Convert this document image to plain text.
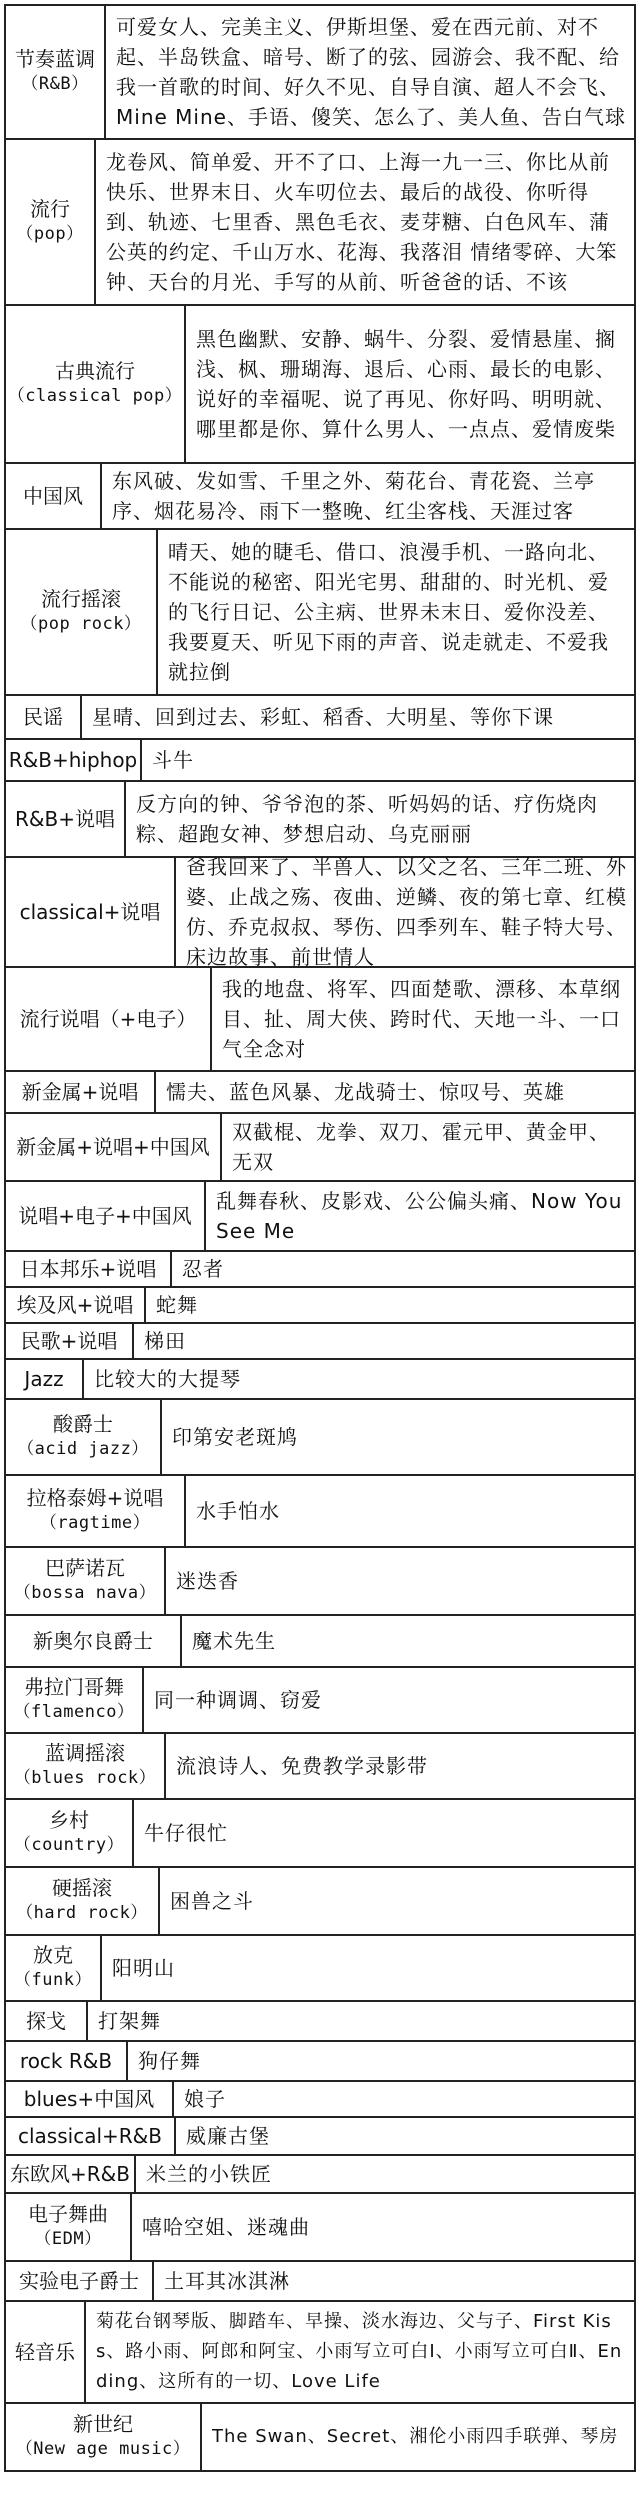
节奏蓝调
（R&B）
可爱女人、完美主义、伊斯坦堡、爱在西元前、对不起、半岛铁盒、暗号、断了的弦、园游会、我不配、给我一首歌的时间、好久不见、自导自演、超人不会飞、Mine Mine、手语、傻笑、怎么了、美人鱼、告白气球
流行
（pop）
龙卷风、简单爱、开不了口、上海一九一三、你比从前快乐、世界末日、火车叨位去、最后的战役、你听得到、轨迹、七里香、黑色毛衣、麦芽糖、白色风车、蒲公英的约定、千山万水、花海、我落泪 情绪零碎、大笨钟、天台的月光、手写的从前、听爸爸的话、不该
古典流行
（classical pop）
黑色幽默、安静、蜗牛、分裂、爱情悬崖、搁浅、枫、珊瑚海、退后、心雨、最长的电影、说好的幸福呢、说了再见、你好吗、明明就、哪里都是你、算什么男人、一点点、爱情废柴
中国风
东风破、发如雪、千里之外、菊花台、青花瓷、兰亭序、烟花易冷、雨下一整晚、红尘客栈、天涯过客
流行摇滚
（pop rock）
晴天、她的睫毛、借口、浪漫手机、一路向北、不能说的秘密、阳光宅男、甜甜的、时光机、爱的飞行日记、公主病、世界未末日、爱你没差、我要夏天、听见下雨的声音、说走就走、不爱我就拉倒
民谣 星晴、回到过去、彩虹、稻香、大明星、等你下课
R&B+hiphop 斗牛
R&B+说唱
反方向的钟、爷爷泡的茶、听妈妈的话、疗伤烧肉粽、超跑女神、梦想启动、乌克丽丽
classical+说唱
爸我回来了、半兽人、以父之名、三年二班、外婆、止战之殇、夜曲、逆鳞、夜的第七章、红模仿、乔克叔叔、琴伤、四季列车、鞋子特大号、床边故事、前世情人
流行说唱（+电子）
我的地盘、将军、四面楚歌、漂移、本草纲目、扯、周大侠、跨时代、天地一斗、一口气全念对
新金属+说唱 懦夫、蓝色风暴、龙战骑士、惊叹号、英雄
新金属+说唱+中国风
双截棍、龙拳、双刀、霍元甲、黄金甲、无双
说唱+电子+中国风
乱舞春秋、皮影戏、公公偏头痛、Now You See Me
日本邦乐+说唱 忍者
埃及风+说唱 蛇舞
民歌+说唱 梯田
Jazz 比较大的大提琴
酸爵士
（acid jazz） 印第安老斑鸠
拉格泰姆+说唱
（ragtime） 水手怕水
巴萨诺瓦
（bossa nava） 迷迭香
新奥尔良爵士 魔术先生
弗拉门哥舞
（flamenco） 同一种调调、窃爱
蓝调摇滚
（blues rock） 流浪诗人、免费教学录影带
乡村
（country） 牛仔很忙
硬摇滚
（hard rock） 困兽之斗
放克
（funk） 阳明山
探戈 打架舞
rock R&B 狗仔舞
blues+中国风 娘子
classical+R&B 威廉古堡
东欧风+R&B 米兰的小铁匠
电子舞曲
（EDM） 嘻哈空姐、迷魂曲
实验电子爵士 土耳其冰淇淋
轻音乐
菊花台钢琴版、脚踏车、早操、淡水海边、父与子、First Kiss、路小雨、阿郎和阿宝、小雨写立可白Ⅰ、小雨写立可白Ⅱ、Ending、这所有的一切、Love Life
新世纪
（New age music）
The Swan、Secret、湘伦小雨四手联弹、琴房
